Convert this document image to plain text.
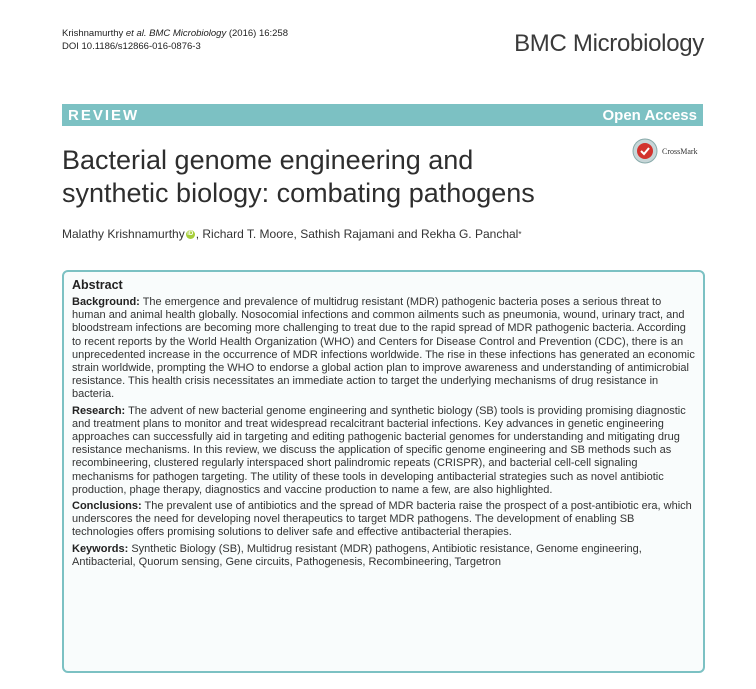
Krishnamurthy et al. BMC Microbiology (2016) 16:258
DOI 10.1186/s12866-016-0876-3	BMC Microbiology
REVIEW	Open Access
Bacterial genome engineering and synthetic biology: combating pathogens
CrossMark
Malathy Krishnamurthy iD , Richard T. Moore, Sathish Rajamani and Rekha G. Panchal *
Abstract
Background: The emergence and prevalence of multidrug resistant (MDR) pathogenic bacteria poses a serious threat to human and animal health globally. Nosocomial infections and common ailments such as pneumonia, wound, urinary tract, and bloodstream infections are becoming more challenging to treat due to the rapid spread of MDR pathogenic bacteria. According to recent reports by the World Health Organization (WHO) and Centers for Disease Control and Prevention (CDC), there is an unprecedented increase in the occurrence of MDR infections worldwide. The rise in these infections has generated an economic strain worldwide, prompting the WHO to endorse a global action plan to improve awareness and understanding of antimicrobial resistance. This health crisis necessitates an immediate action to target the underlying mechanisms of drug resistance in bacteria.
Research: The advent of new bacterial genome engineering and synthetic biology (SB) tools is providing promising diagnostic and treatment plans to monitor and treat widespread recalcitrant bacterial infections. Key advances in genetic engineering approaches can successfully aid in targeting and editing pathogenic bacterial genomes for understanding and mitigating drug resistance mechanisms. In this review, we discuss the application of specific genome engineering and SB methods such as recombineering, clustered regularly interspaced short palindromic repeats (CRISPR), and bacterial cell-cell signaling mechanisms for pathogen targeting. The utility of these tools in developing antibacterial strategies such as novel antibiotic production, phage therapy, diagnostics and vaccine production to name a few, are also highlighted.
Conclusions: The prevalent use of antibiotics and the spread of MDR bacteria raise the prospect of a post-antibiotic era, which underscores the need for developing novel therapeutics to target MDR pathogens. The development of enabling SB technologies offers promising solutions to deliver safe and effective antibacterial therapies.
Keywords: Synthetic Biology (SB), Multidrug resistant (MDR) pathogens, Antibiotic resistance, Genome engineering, Antibacterial, Quorum sensing, Gene circuits, Pathogenesis, Recombineering, Targetron
